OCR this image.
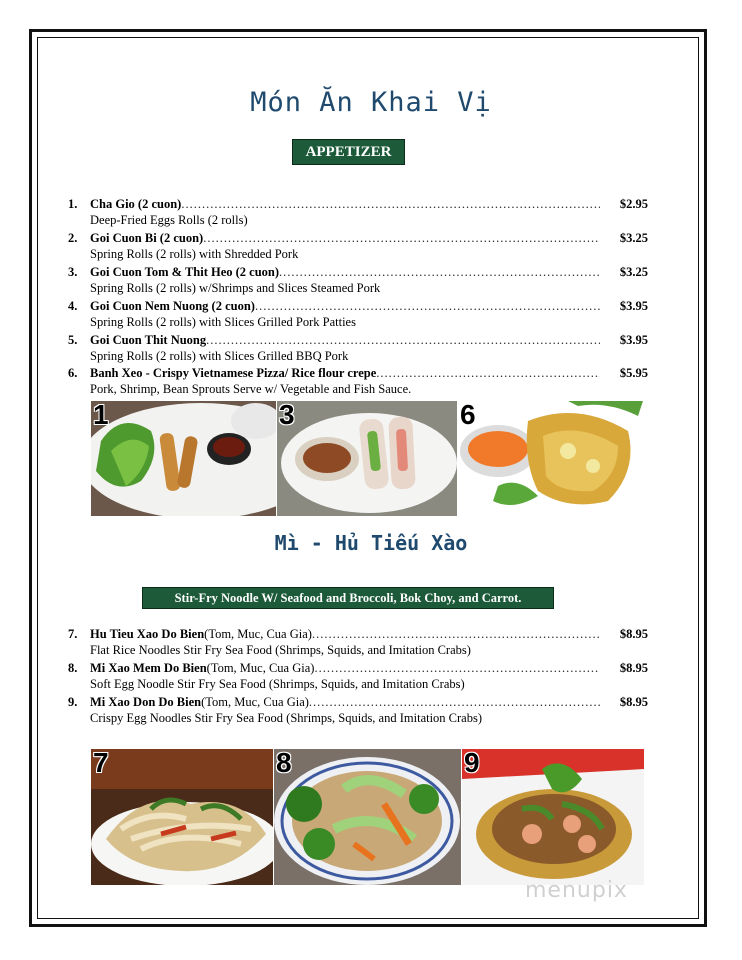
Món Ăn Khai Vị
APPETIZER
1.	Cha Gio (2 cuon) .....	$2.95
Deep-Fried Eggs Rolls (2 rolls)
2.	Goi Cuon Bi (2 cuon) .....	$3.25
Spring Rolls (2 rolls) with Shredded Pork
3.	Goi Cuon Tom & Thit Heo (2 cuon) .....	$3.25
Spring Rolls (2 rolls) w/Shrimps and Slices Steamed Pork
4.	Goi Cuon Nem Nuong (2 cuon) .....	$3.95
Spring Rolls (2 rolls) with Slices Grilled Pork Patties
5.	Goi Cuon Thit Nuong .....	$3.95
Spring Rolls (2 rolls) with Slices Grilled BBQ Pork
6.	Banh Xeo - Crispy Vietnamese Pizza/ Rice flour crepe .....	$5.95
Pork, Shrimp, Bean Sprouts Serve w/ Vegetable and Fish Sauce.
1	3	6
Mì - Hủ Tiếu Xào
Stir-Fry Noodle W/ Seafood and Broccoli, Bok Choy, and Carrot.
7.	Hu Tieu Xao Do Bien (Tom, Muc, Cua Gia) .....	$8.95
Flat Rice Noodles Stir Fry Sea Food (Shrimps, Squids, and Imitation Crabs)
8.	Mi Xao Mem Do Bien (Tom, Muc, Cua Gia) .....	$8.95
Soft Egg Noodle Stir Fry Sea Food (Shrimps, Squids, and Imitation Crabs)
9.	Mi Xao Don Do Bien (Tom, Muc, Cua Gia) .....	$8.95
Crispy Egg Noodles Stir Fry Sea Food (Shrimps, Squids, and Imitation Crabs)
7	8	9
menupix
